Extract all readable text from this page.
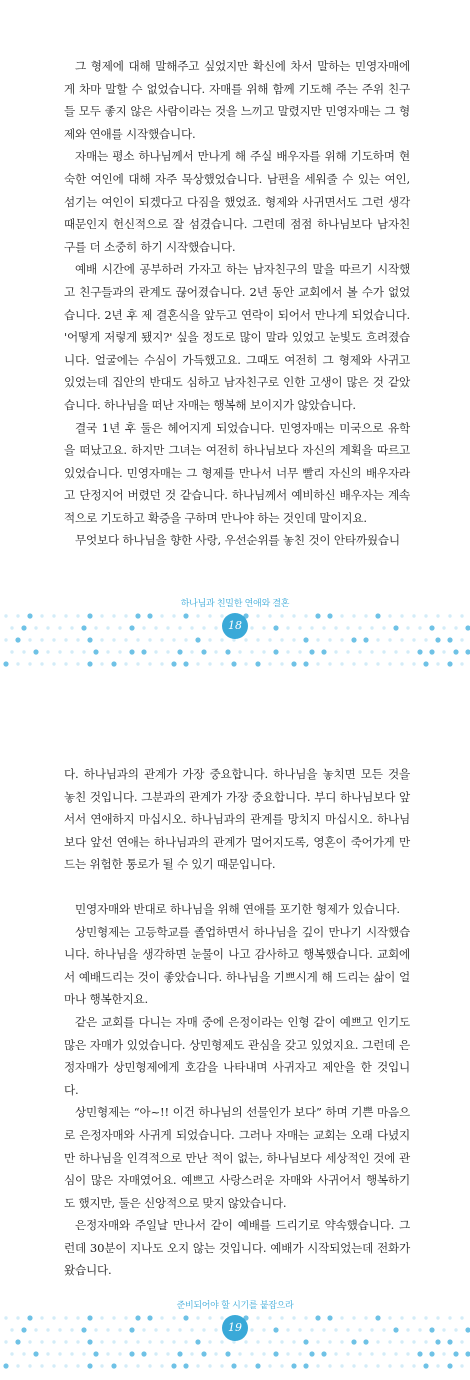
그 형제에 대해 말해주고 싶었지만 확신에 차서 말하는 민영자매에게 차마 말할 수 없었습니다. 자매를 위해 함께 기도해 주는 주위 친구들 모두 좋지 않은 사람이라는 것을 느끼고 말렸지만 민영자매는 그 형제와 연애를 시작했습니다.

자매는 평소 하나님께서 만나게 해 주실 배우자를 위해 기도하며 현숙한 여인에 대해 자주 묵상했었습니다. 남편을 세워줄 수 있는 여인, 섬기는 여인이 되겠다고 다짐을 했었죠. 형제와 사귀면서도 그런 생각 때문인지 헌신적으로 잘 섬겼습니다. 그런데 점점 하나님보다 남자친구를 더 소중히 하기 시작했습니다.

예배 시간에 공부하러 가자고 하는 남자친구의 말을 따르기 시작했고 친구들과의 관계도 끊어졌습니다. 2년 동안 교회에서 볼 수가 없었습니다. 2년 후 제 결혼식을 앞두고 연락이 되어서 만나게 되었습니다. '어떻게 저렇게 됐지?' 싶을 정도로 많이 말라 있었고 눈빛도 흐려졌습니다. 얼굴에는 수심이 가득했고요. 그때도 여전히 그 형제와 사귀고 있었는데 집안의 반대도 심하고 남자친구로 인한 고생이 많은 것 같았습니다. 하나님을 떠난 자매는 행복해 보이지가 않았습니다.

결국 1년 후 둘은 헤어지게 되었습니다. 민영자매는 미국으로 유학을 떠났고요. 하지만 그녀는 여전히 하나님보다 자신의 계획을 따르고 있었습니다. 민영자매는 그 형제를 만나서 너무 빨리 자신의 배우자라고 단정지어 버렸던 것 같습니다. 하나님께서 예비하신 배우자는 계속적으로 기도하고 확증을 구하며 만나야 하는 것인데 말이지요.

무엇보다 하나님을 향한 사랑, 우선순위를 놓친 것이 안타까웠습니

하나님과 친밀한 연애와 결혼
18

다. 하나님과의 관계가 가장 중요합니다. 하나님을 놓치면 모든 것을 놓친 것입니다. 그분과의 관계가 가장 중요합니다. 부디 하나님보다 앞서서 연애하지 마십시오. 하나님과의 관계를 망치지 마십시오. 하나님보다 앞선 연애는 하나님과의 관계가 멀어지도록, 영혼이 죽어가게 만드는 위험한 통로가 될 수 있기 때문입니다.

민영자매와 반대로 하나님을 위해 연애를 포기한 형제가 있습니다.

상민형제는 고등학교를 졸업하면서 하나님을 깊이 만나기 시작했습니다. 하나님을 생각하면 눈물이 나고 감사하고 행복했습니다. 교회에서 예배드리는 것이 좋았습니다. 하나님을 기쁘시게 해 드리는 삶이 얼마나 행복한지요.

같은 교회를 다니는 자매 중에 은정이라는 인형 같이 예쁘고 인기도 많은 자매가 있었습니다. 상민형제도 관심을 갖고 있었지요. 그런데 은정자매가 상민형제에게 호감을 나타내며 사귀자고 제안을 한 것입니다.

상민형제는 “아~!! 이건 하나님의 선물인가 보다” 하며 기쁜 마음으로 은정자매와 사귀게 되었습니다. 그러나 자매는 교회는 오래 다녔지만 하나님을 인격적으로 만난 적이 없는, 하나님보다 세상적인 것에 관심이 많은 자매였어요. 예쁘고 사랑스러운 자매와 사귀어서 행복하기도 했지만, 둘은 신앙적으로 맞지 않았습니다.

은정자매와 주일날 만나서 같이 예배를 드리기로 약속했습니다. 그런데 30분이 지나도 오지 않는 것입니다. 예배가 시작되었는데 전화가 왔습니다.

준비되어야 할 시기를 붙잡으라
19
